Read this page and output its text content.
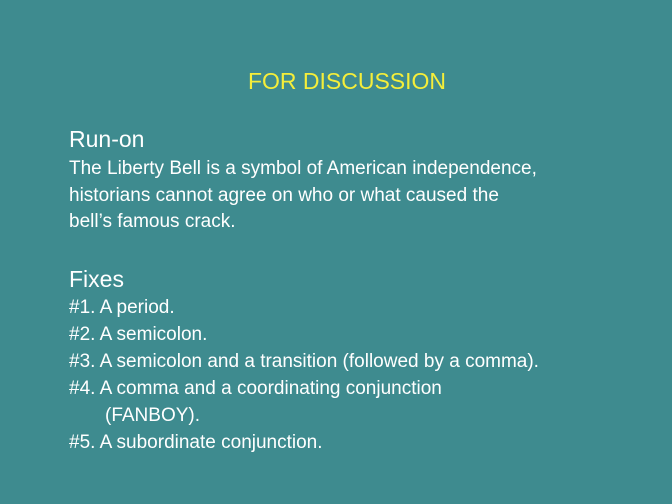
FOR DISCUSSION
Run-on
The Liberty Bell is a symbol of American independence,
historians cannot agree on who or what caused the
bell’s famous crack.
Fixes
#1. A period.
#2. A semicolon.
#3. A semicolon and a transition (followed by a comma).
#4. A comma and a coordinating conjunction
(FANBOY).
#5. A subordinate conjunction.
